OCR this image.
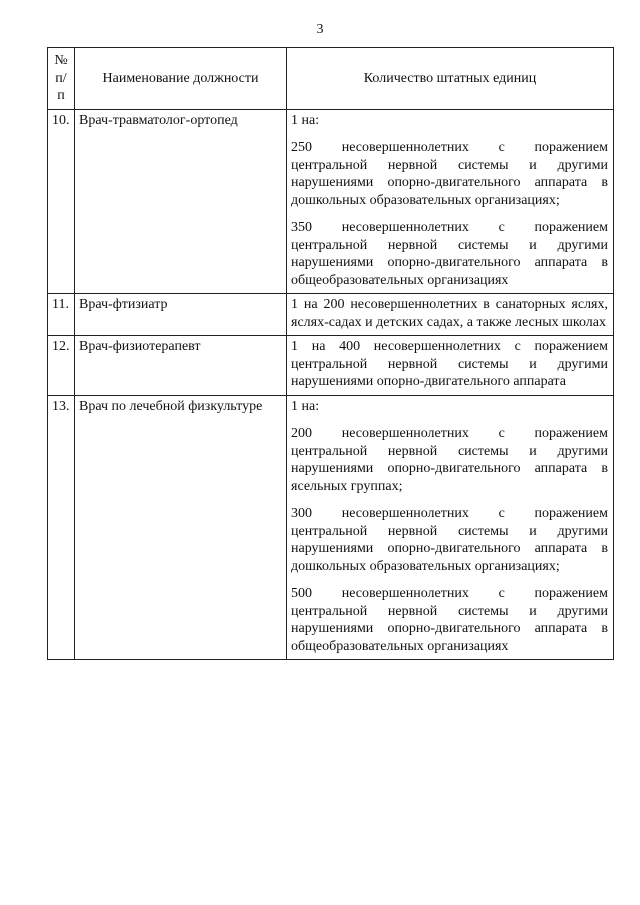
3
№ п/п	Наименование должности	Количество штатных единиц
10.	Врач-травматолог-ортопед	1 на:
250 несовершеннолетних с поражением центральной нервной системы и другими нарушениями опорно-двигательного аппарата в дошкольных образовательных организациях;
350 несовершеннолетних с поражением центральной нервной системы и другими нарушениями опорно-двигательного аппарата в общеобразовательных организациях

11.	Врач-фтизиатр	1 на 200 несовершеннолетних в санаторных яслях, яслях-садах и детских садах, а также лесных школах

12.	Врач-физиотерапевт	1 на 400 несовершеннолетних с поражением центральной нервной системы и другими нарушениями опорно-двигательного аппарата

13.	Врач по лечебной физкультуре	1 на:
200 несовершеннолетних с поражением центральной нервной системы и другими нарушениями опорно-двигательного аппарата в ясельных группах;
300 несовершеннолетних с поражением центральной нервной системы и другими нарушениями опорно-двигательного аппарата в дошкольных образовательных организациях;
500 несовершеннолетних с поражением центральной нервной системы и другими нарушениями опорно-двигательного аппарата в общеобразовательных организациях
